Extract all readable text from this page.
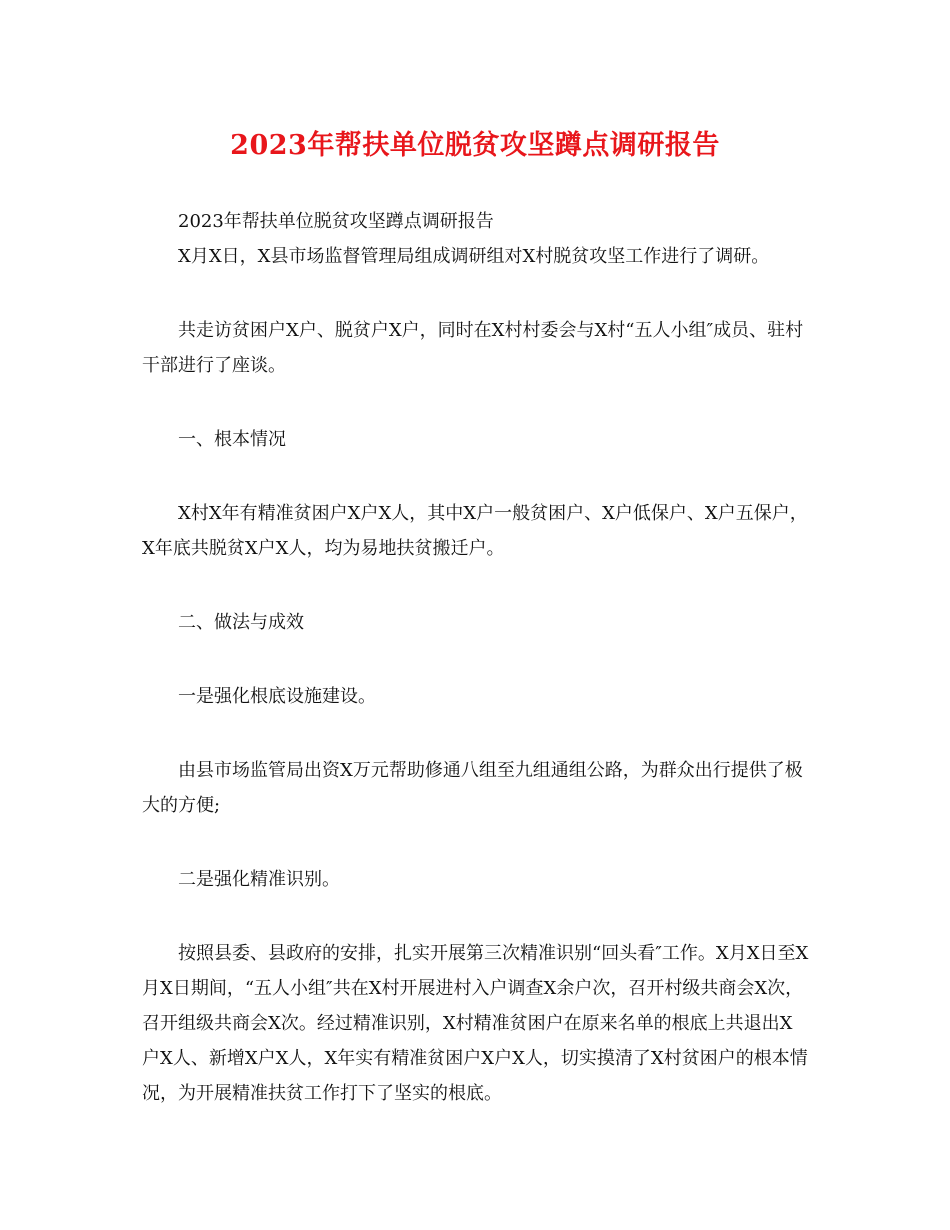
2023年帮扶单位脱贫攻坚蹲点调研报告

2023年帮扶单位脱贫攻坚蹲点调研报告

X月X日，X县市场监督管理局组成调研组对X村脱贫攻坚工作进行了调研。

共走访贫困户X户、脱贫户X户，同时在X村村委会与X村“五人小组″成员、驻村干部进行了座谈。

一、根本情况

X村X年有精准贫困户X户X人，其中X户一般贫困户、X户低保户、X户五保户，X年底共脱贫X户X人，均为易地扶贫搬迁户。

二、做法与成效

一是强化根底设施建设。

由县市场监管局出资X万元帮助修通八组至九组通组公路，为群众出行提供了极大的方便;

二是强化精准识别。

按照县委、县政府的安排，扎实开展第三次精准识别“回头看″工作。X月X日至X月X日期间，“五人小组″共在X村开展进村入户调查X余户次，召开村级共商会X次，召开组级共商会X次。经过精准识别，X村精准贫困户在原来名单的根底上共退出X户X人、新增X户X人，X年实有精准贫困户X户X人，切实摸清了X村贫困户的根本情况，为开展精准扶贫工作打下了坚实的根底。
